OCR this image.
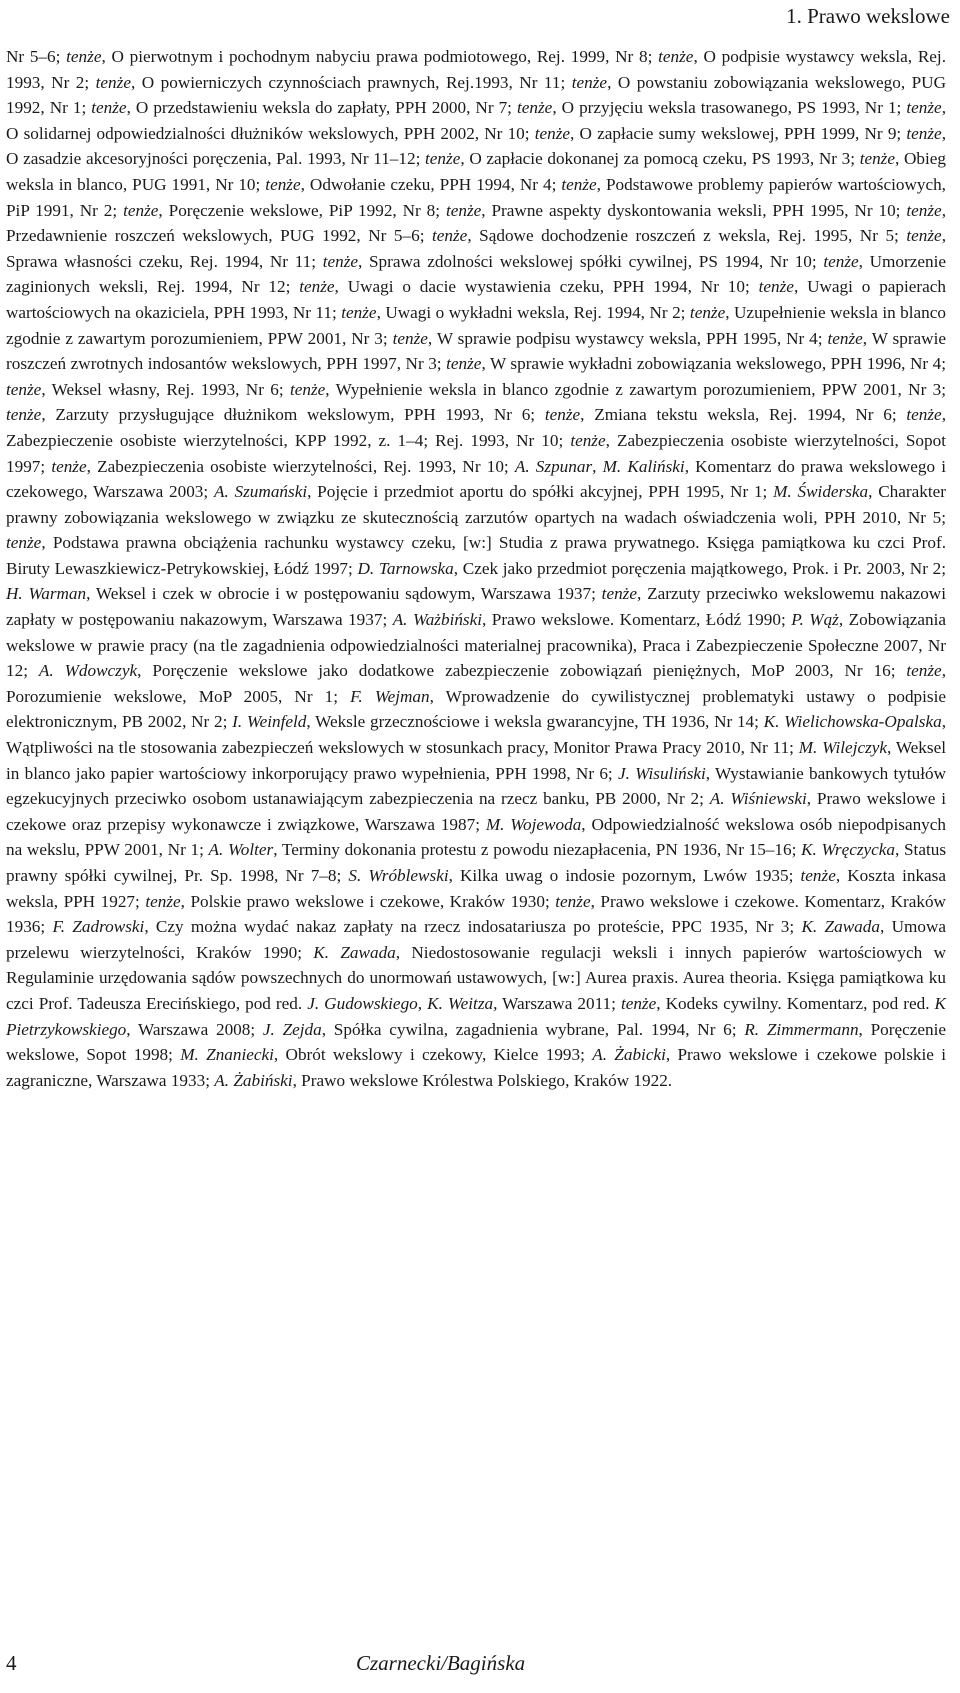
1. Prawo wekslowe
Nr 5–6; tenże, O pierwotnym i pochodnym nabyciu prawa podmiotowego, Rej. 1999, Nr 8; tenże, O podpisie wystawcy weksla, Rej. 1993, Nr 2; tenże, O powierniczych czynnościach prawnych, Rej.1993, Nr 11; tenże, O powstaniu zobowiązania wekslowego, PUG 1992, Nr 1; tenże, O przedstawieniu weksla do zapłaty, PPH 2000, Nr 7; tenże, O przyjęciu weksla trasowanego, PS 1993, Nr 1; tenże, O solidarnej odpowiedzialności dłużników wekslowych, PPH 2002, Nr 10; tenże, O zapłacie sumy wekslowej, PPH 1999, Nr 9; tenże, O zasadzie akcesoryjności poręczenia, Pal. 1993, Nr 11–12; tenże, O zapłacie dokonanej za pomocą czeku, PS 1993, Nr 3; tenże, Obieg weksla in blanco, PUG 1991, Nr 10; tenże, Odwołanie czeku, PPH 1994, Nr 4; tenże, Podstawowe problemy papierów wartościowych, PiP 1991, Nr 2; tenże, Poręczenie wekslowe, PiP 1992, Nr 8; tenże, Prawne aspekty dyskontowania weksli, PPH 1995, Nr 10; tenże, Przedawnienie roszczeń wekslowych, PUG 1992, Nr 5–6; tenże, Sądowe dochodzenie roszczeń z weksla, Rej. 1995, Nr 5; tenże, Sprawa własności czeku, Rej. 1994, Nr 11; tenże, Sprawa zdolności wekslowej spółki cywilnej, PS 1994, Nr 10; tenże, Umorzenie zaginionych weksli, Rej. 1994, Nr 12; tenże, Uwagi o dacie wystawienia czeku, PPH 1994, Nr 10; tenże, Uwagi o papierach wartościowych na okaziciela, PPH 1993, Nr 11; tenże, Uwagi o wykładni weksla, Rej. 1994, Nr 2; tenże, Uzupełnienie weksla in blanco zgodnie z zawartym porozumieniem, PPW 2001, Nr 3; tenże, W sprawie podpisu wystawcy weksla, PPH 1995, Nr 4; tenże, W sprawie roszczeń zwrotnych indosantów wekslowych, PPH 1997, Nr 3; tenże, W sprawie wykładni zobowiązania wekslowego, PPH 1996, Nr 4; tenże, Weksel własny, Rej. 1993, Nr 6; tenże, Wypełnienie weksla in blanco zgodnie z zawartym porozumieniem, PPW 2001, Nr 3; tenże, Zarzuty przysługujące dłużnikom wekslowym, PPH 1993, Nr 6; tenże, Zmiana tekstu weksla, Rej. 1994, Nr 6; tenże, Zabezpieczenie osobiste wierzytelności, KPP 1992, z. 1–4; Rej. 1993, Nr 10; tenże, Zabezpieczenia osobiste wierzytelności, Sopot 1997; tenże, Zabezpieczenia osobiste wierzytelności, Rej. 1993, Nr 10; A. Szpunar, M. Kaliński, Komentarz do prawa wekslowego i czekowego, Warszawa 2003; A. Szumański, Pojęcie i przedmiot aportu do spółki akcyjnej, PPH 1995, Nr 1; M. Świderska, Charakter prawny zobowiązania wekslowego w związku ze skutecznością zarzutów opartych na wadach oświadczenia woli, PPH 2010, Nr 5; tenże, Podstawa prawna obciążenia rachunku wystawcy czeku, [w:] Studia z prawa prywatnego. Księga pamiątkowa ku czci Prof. Biruty Lewaszkiewicz-Petrykowskiej, Łódź 1997; D. Tarnowska, Czek jako przedmiot poręczenia majątkowego, Prok. i Pr. 2003, Nr 2; H. Warman, Weksel i czek w obrocie i w postępowaniu sądowym, Warszawa 1937; tenże, Zarzuty przeciwko wekslowemu nakazowi zapłaty w postępowaniu nakazowym, Warszawa 1937; A. Ważbiński, Prawo wekslowe. Komentarz, Łódź 1990; P. Wąż, Zobowiązania wekslowe w prawie pracy (na tle zagadnienia odpowiedzialności materialnej pracownika), Praca i Zabezpieczenie Społeczne 2007, Nr 12; A. Wdowczyk, Poręczenie wekslowe jako dodatkowe zabezpieczenie zobowiązań pieniężnych, MoP 2003, Nr 16; tenże, Porozumienie wekslowe, MoP 2005, Nr 1; F. Wejman, Wprowadzenie do cywilistycznej problematyki ustawy o podpisie elektronicznym, PB 2002, Nr 2; I. Weinfeld, Weksle grzecznościowe i weksla gwarancyjne, TH 1936, Nr 14; K. Wielichowska-Opalska, Wątpliwości na tle stosowania zabezpieczeń wekslowych w stosunkach pracy, Monitor Prawa Pracy 2010, Nr 11; M. Wilejczyk, Weksel in blanco jako papier wartościowy inkorporujący prawo wypełnienia, PPH 1998, Nr 6; J. Wisuliński, Wystawianie bankowych tytułów egzekucyjnych przeciwko osobom ustanawiającym zabezpieczenia na rzecz banku, PB 2000, Nr 2; A. Wiśniewski, Prawo wekslowe i czekowe oraz przepisy wykonawcze i związkowe, Warszawa 1987; M. Wojewoda, Odpowiedzialność wekslowa osób niepodpisanych na wekslu, PPW 2001, Nr 1; A. Wolter, Terminy dokonania protestu z powodu niezapłacenia, PN 1936, Nr 15–16; K. Wręczycka, Status prawny spółki cywilnej, Pr. Sp. 1998, Nr 7–8; S. Wróblewski, Kilka uwag o indosie pozornym, Lwów 1935; tenże, Koszta inkasa weksla, PPH 1927; tenże, Polskie prawo wekslowe i czekowe, Kraków 1930; tenże, Prawo wekslowe i czekowe. Komentarz, Kraków 1936; F. Zadrowski, Czy można wydać nakaz zapłaty na rzecz indosatariusza po proteście, PPC 1935, Nr 3; K. Zawada, Umowa przelewu wierzytelności, Kraków 1990; K. Zawada, Niedostosowanie regulacji weksli i innych papierów wartościowych w Regulaminie urzędowania sądów powszechnych do unormowań ustawowych, [w:] Aurea praxis. Aurea theoria. Księga pamiątkowa ku czci Prof. Tadeusza Erecińskiego, pod red. J. Gudowskiego, K. Weitza, Warszawa 2011; tenże, Kodeks cywilny. Komentarz, pod red. K Pietrzykowskiego, Warszawa 2008; J. Zejda, Spółka cywilna, zagadnienia wybrane, Pal. 1994, Nr 6; R. Zimmermann, Poręczenie wekslowe, Sopot 1998; M. Znaniecki, Obrót wekslowy i czekowy, Kielce 1993; A. Żabicki, Prawo wekslowe i czekowe polskie i zagraniczne, Warszawa 1933; A. Żabiński, Prawo wekslowe Królestwa Polskiego, Kraków 1922.
4	Czarnecki/Bagińska
